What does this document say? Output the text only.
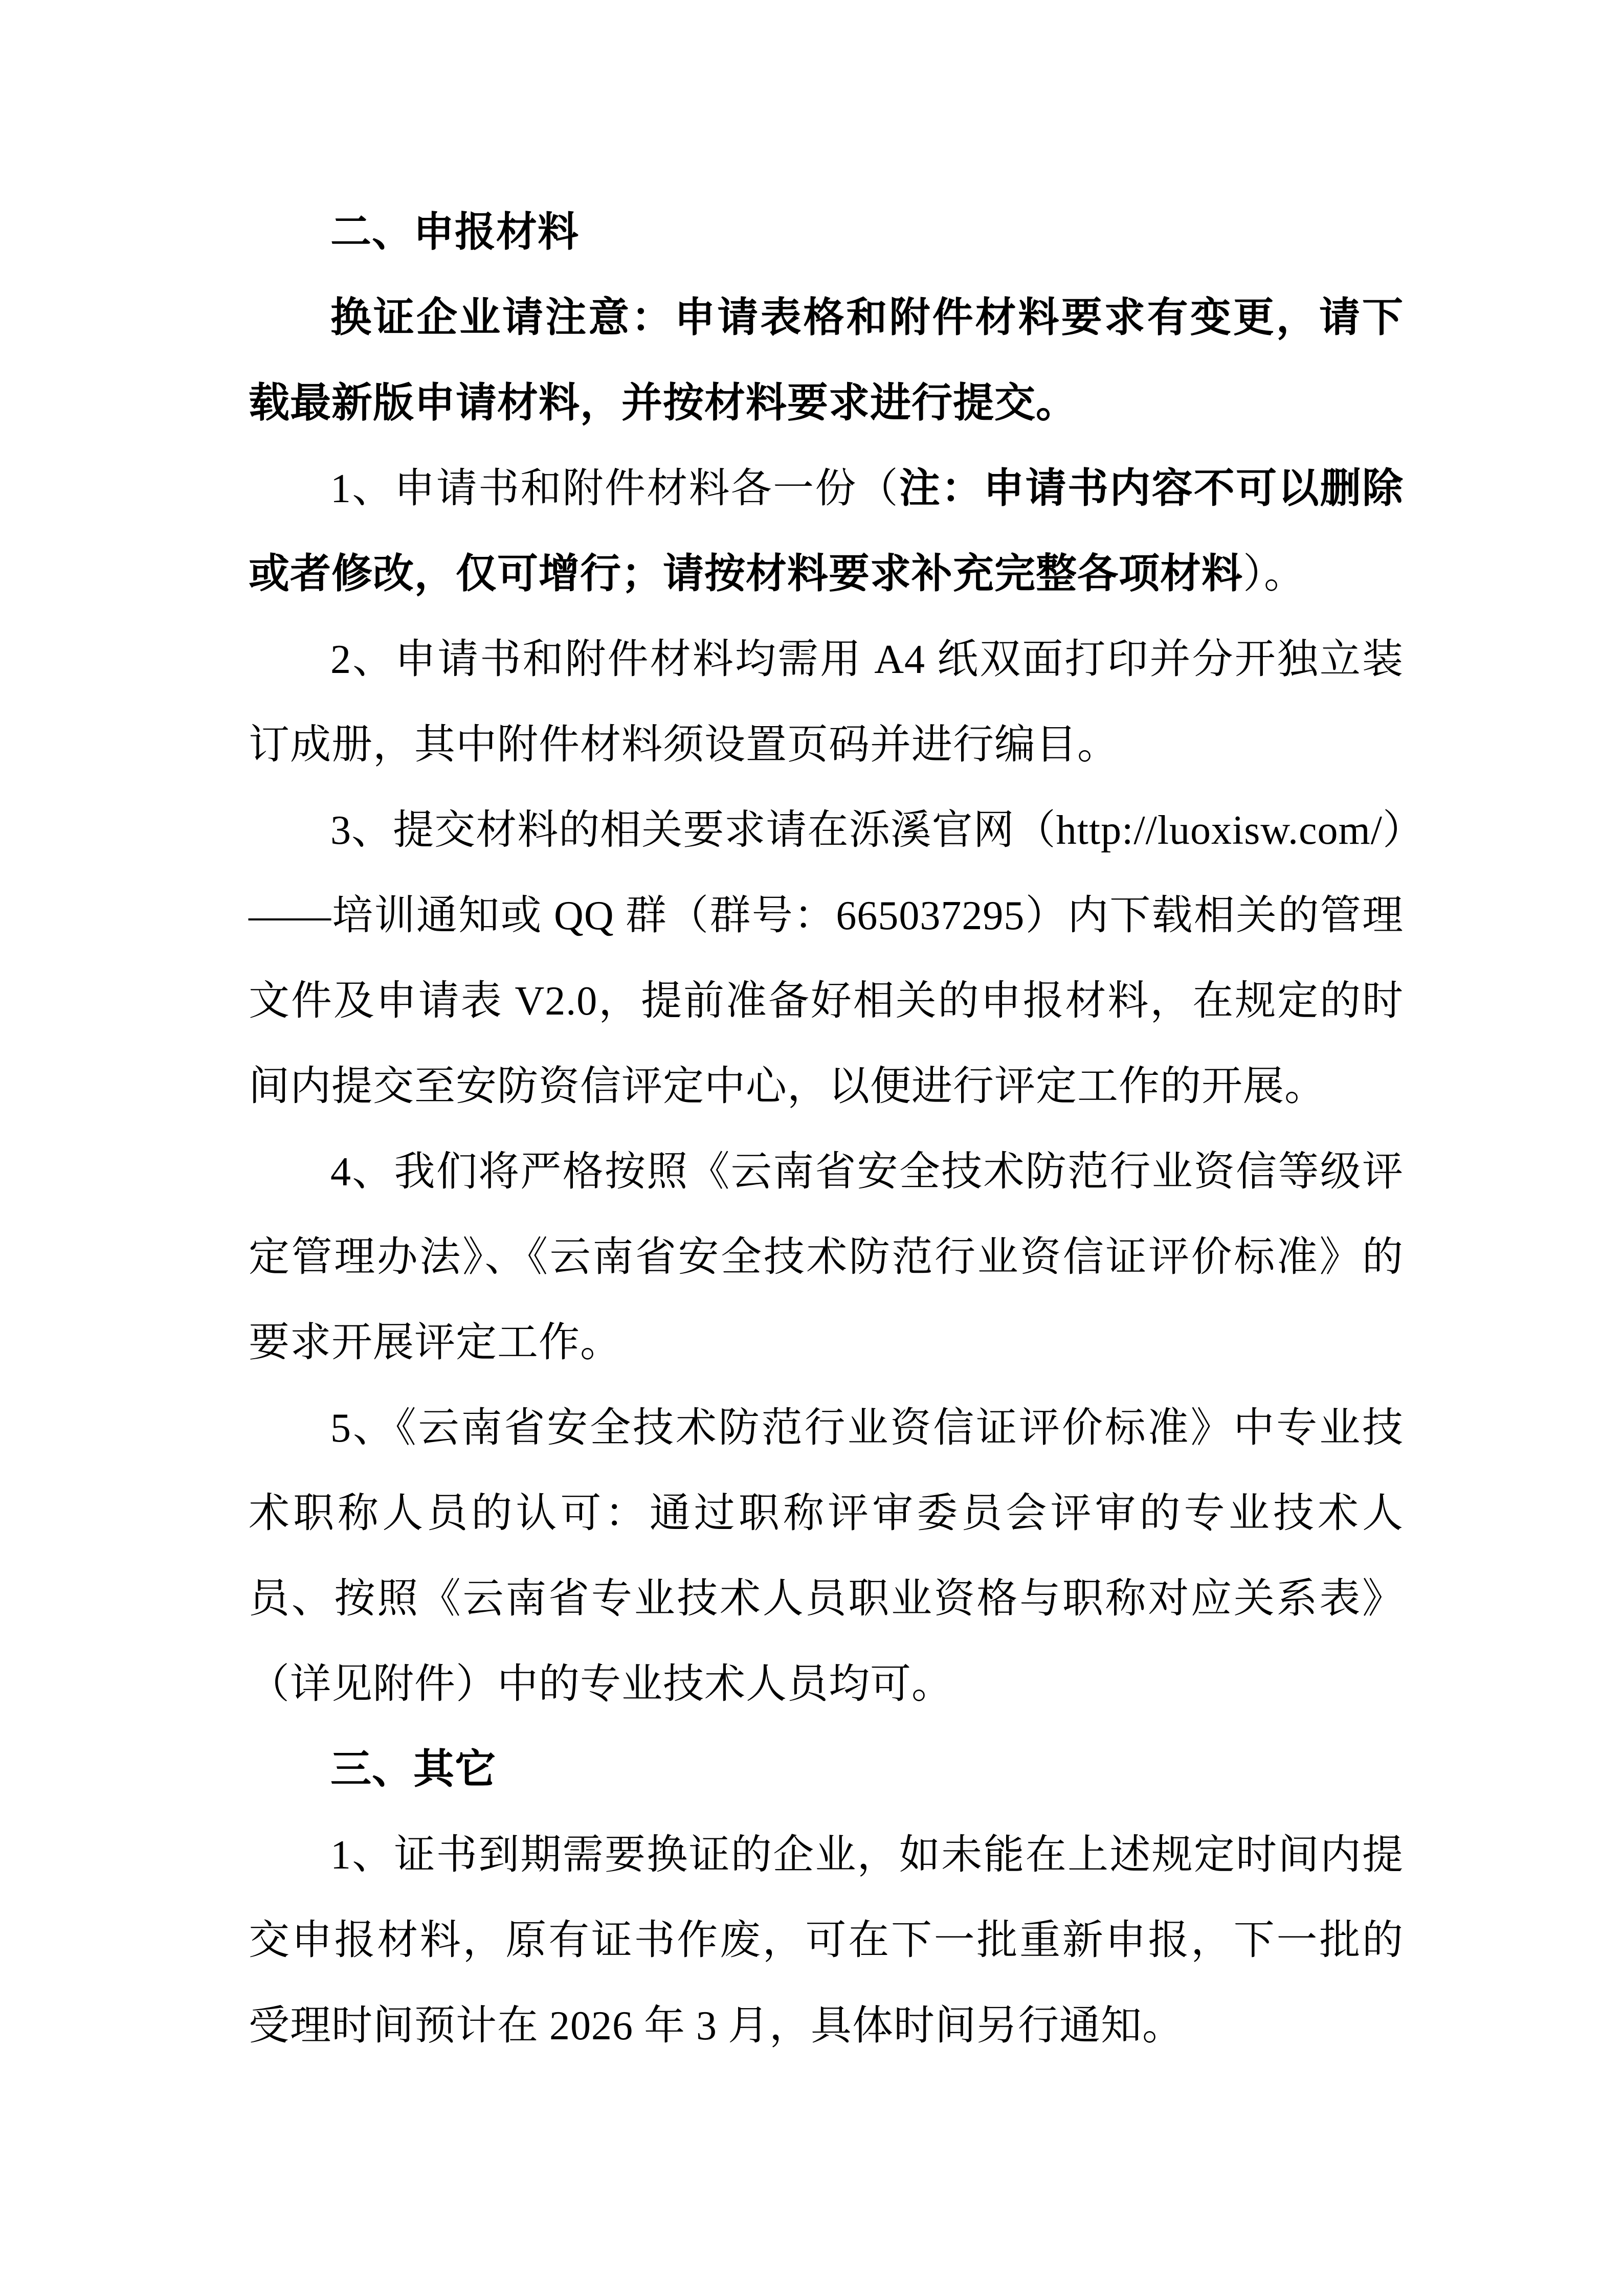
二、申报材料

换证企业请注意：申请表格和附件材料要求有变更，请下载最新版申请材料，并按材料要求进行提交。

1、申请书和附件材料各一份（注：申请书内容不可以删除或者修改，仅可增行；请按材料要求补充完整各项材料）。

2、申请书和附件材料均需用 A4 纸双面打印并分开独立装订成册，其中附件材料须设置页码并进行编目。

3、提交材料的相关要求请在泺溪官网（http://luoxisw.com/）——培训通知或 QQ 群（群号：665037295）内下载相关的管理文件及申请表 V2.0，提前准备好相关的申报材料，在规定的时间内提交至安防资信评定中心，以便进行评定工作的开展。

4、我们将严格按照《云南省安全技术防范行业资信等级评定管理办法》、《云南省安全技术防范行业资信证评价标准》的要求开展评定工作。

5、《云南省安全技术防范行业资信证评价标准》中专业技术职称人员的认可：通过职称评审委员会评审的专业技术人员、按照《云南省专业技术人员职业资格与职称对应关系表》（详见附件）中的专业技术人员均可。

三、其它

1、证书到期需要换证的企业，如未能在上述规定时间内提交申报材料，原有证书作废，可在下一批重新申报，下一批的受理时间预计在 2026 年 3 月，具体时间另行通知。
